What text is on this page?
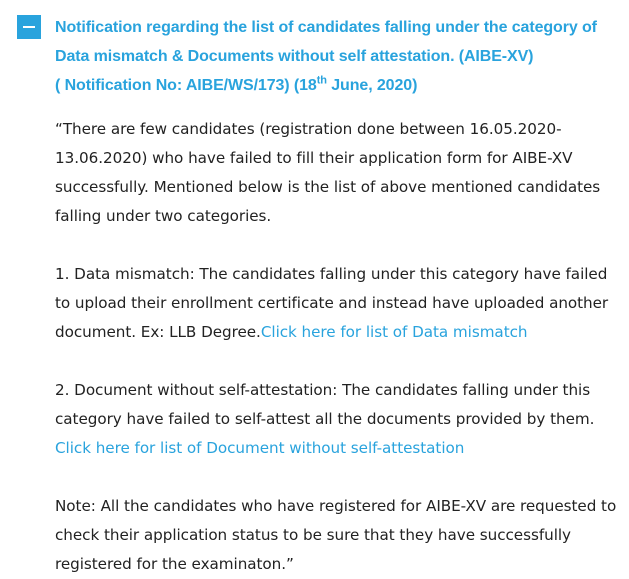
Notification regarding the list of candidates falling under the category of
Data mismatch & Documents without self attestation. (AIBE-XV)
( Notification No: AIBE/WS/173) (18th June, 2020)

“There are few candidates (registration done between 16.05.2020-13.06.2020) who have failed to fill their application form for AIBE-XV successfully. Mentioned below is the list of above mentioned candidates falling under two categories.

1. Data mismatch: The candidates falling under this category have failed to upload their enrollment certificate and instead have uploaded another document. Ex: LLB Degree.Click here for list of Data mismatch

2. Document without self-attestation: The candidates falling under this category have failed to self-attest all the documents provided by them.
Click here for list of Document without self-attestation

Note: All the candidates who have registered for AIBE-XV are requested to check their application status to be sure that they have successfully registered for the examinaton.”
